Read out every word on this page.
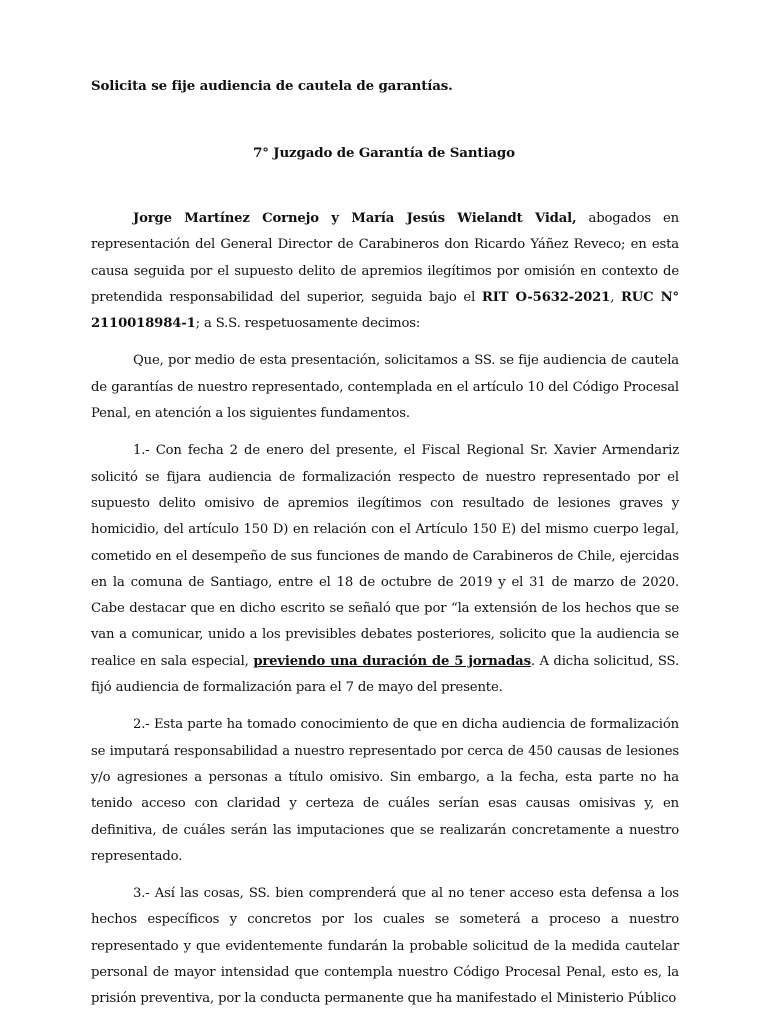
Solicita se fije audiencia de cautela de garantías.
7° Juzgado de Garantía de Santiago

Jorge Martínez Cornejo y María Jesús Wielandt Vidal, abogados en representación del General Director de Carabineros don Ricardo Yáñez Reveco; en esta causa seguida por el supuesto delito de apremios ilegítimos por omisión en contexto de pretendida responsabilidad del superior, seguida bajo el RIT O-5632-2021, RUC N° 2110018984-1; a S.S. respetuosamente decimos:

Que, por medio de esta presentación, solicitamos a SS. se fije audiencia de cautela de garantías de nuestro representado, contemplada en el artículo 10 del Código Procesal Penal, en atención a los siguientes fundamentos.

1.- Con fecha 2 de enero del presente, el Fiscal Regional Sr. Xavier Armendariz solicitó se fijara audiencia de formalización respecto de nuestro representado por el supuesto delito omisivo de apremios ilegítimos con resultado de lesiones graves y homicidio, del artículo 150 D) en relación con el Artículo 150 E) del mismo cuerpo legal, cometido en el desempeño de sus funciones de mando de Carabineros de Chile, ejercidas en la comuna de Santiago, entre el 18 de octubre de 2019 y el 31 de marzo de 2020. Cabe destacar que en dicho escrito se señaló que por “la extensión de los hechos que se van a comunicar, unido a los previsibles debates posteriores, solicito que la audiencia se realice en sala especial, previendo una duración de 5 jornadas. A dicha solicitud, SS. fijó audiencia de formalización para el 7 de mayo del presente.

2.- Esta parte ha tomado conocimiento de que en dicha audiencia de formalización se imputará responsabilidad a nuestro representado por cerca de 450 causas de lesiones y/o agresiones a personas a título omisivo. Sin embargo, a la fecha, esta parte no ha tenido acceso con claridad y certeza de cuáles serían esas causas omisivas y, en definitiva, de cuáles serán las imputaciones que se realizarán concretamente a nuestro representado.

3.- Así las cosas, SS. bien comprenderá que al no tener acceso esta defensa a los hechos específicos y concretos por los cuales se someterá a proceso a nuestro representado y que evidentemente fundarán la probable solicitud de la medida cautelar personal de mayor intensidad que contempla nuestro Código Procesal Penal, esto es, la prisión preventiva, por la conducta permanente que ha manifestado el Ministerio Público
